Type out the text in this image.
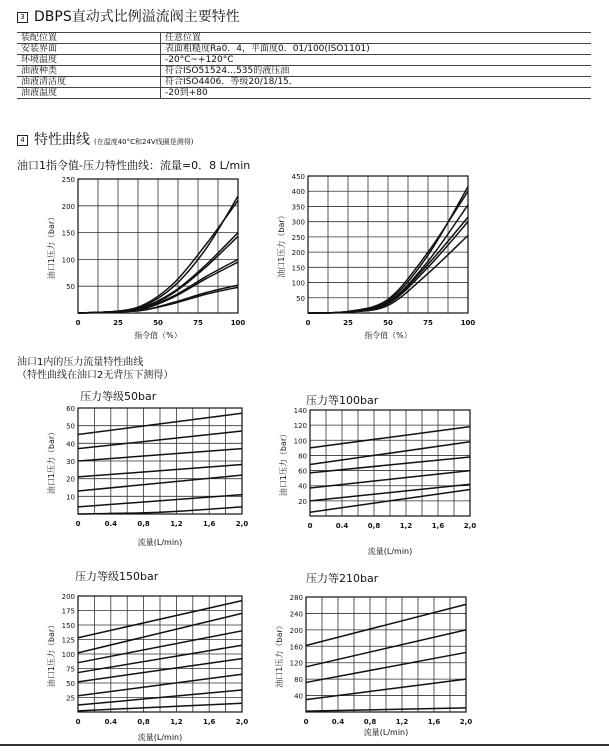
3 DBPS直动式比例溢流阀主要特性
装配位置	任意位置
安装界面	表面粗糙度Ra0．4，平面度0．01/100(ISO1101)
环境温度	-20°C~+120°C
油液种类	符合ISO51524…535的液压油
油液清洁度	符合ISO4406．等级20/18/15．
油液温度	-20到+80
4 特性曲线 (在温度40°C和24V线圈是测得)
油口1指令值-压力特性曲线：流量=0．8 L/min
油口1内的压力流量特性曲线
（特性曲线在油口2无背压下测得）
压力等级50bar	压力等100bar
压力等级150bar	压力等210bar
0	25	50	75	100
50
100
150
200
250
指令值（%）
油口1压力（bar）
0	25	50	75	100
50
100
150
200
250
300
350
400
450
指令值（%）
油口1压力（bar）
0	0.4	0,8	1,2	1,6	2,0
10
20
30
40
50
60
流量(L/min)
油口1压力（bar）
0	0.4	0,8	1,2	1,6	2,0
20
40
60
80
100
120
140
流量(L/min)
油口1压力（bar）
0	0.4	0,8	1,2	1,6	2,0
25
50
75
100
125
150
175
200
流量(L/min)
油口1压力（bar）
0	0.4	0,8	1,2	1,6	2,0
40
80
120
160
200
240
280
流量(L/min)
油口1压力（bar）
